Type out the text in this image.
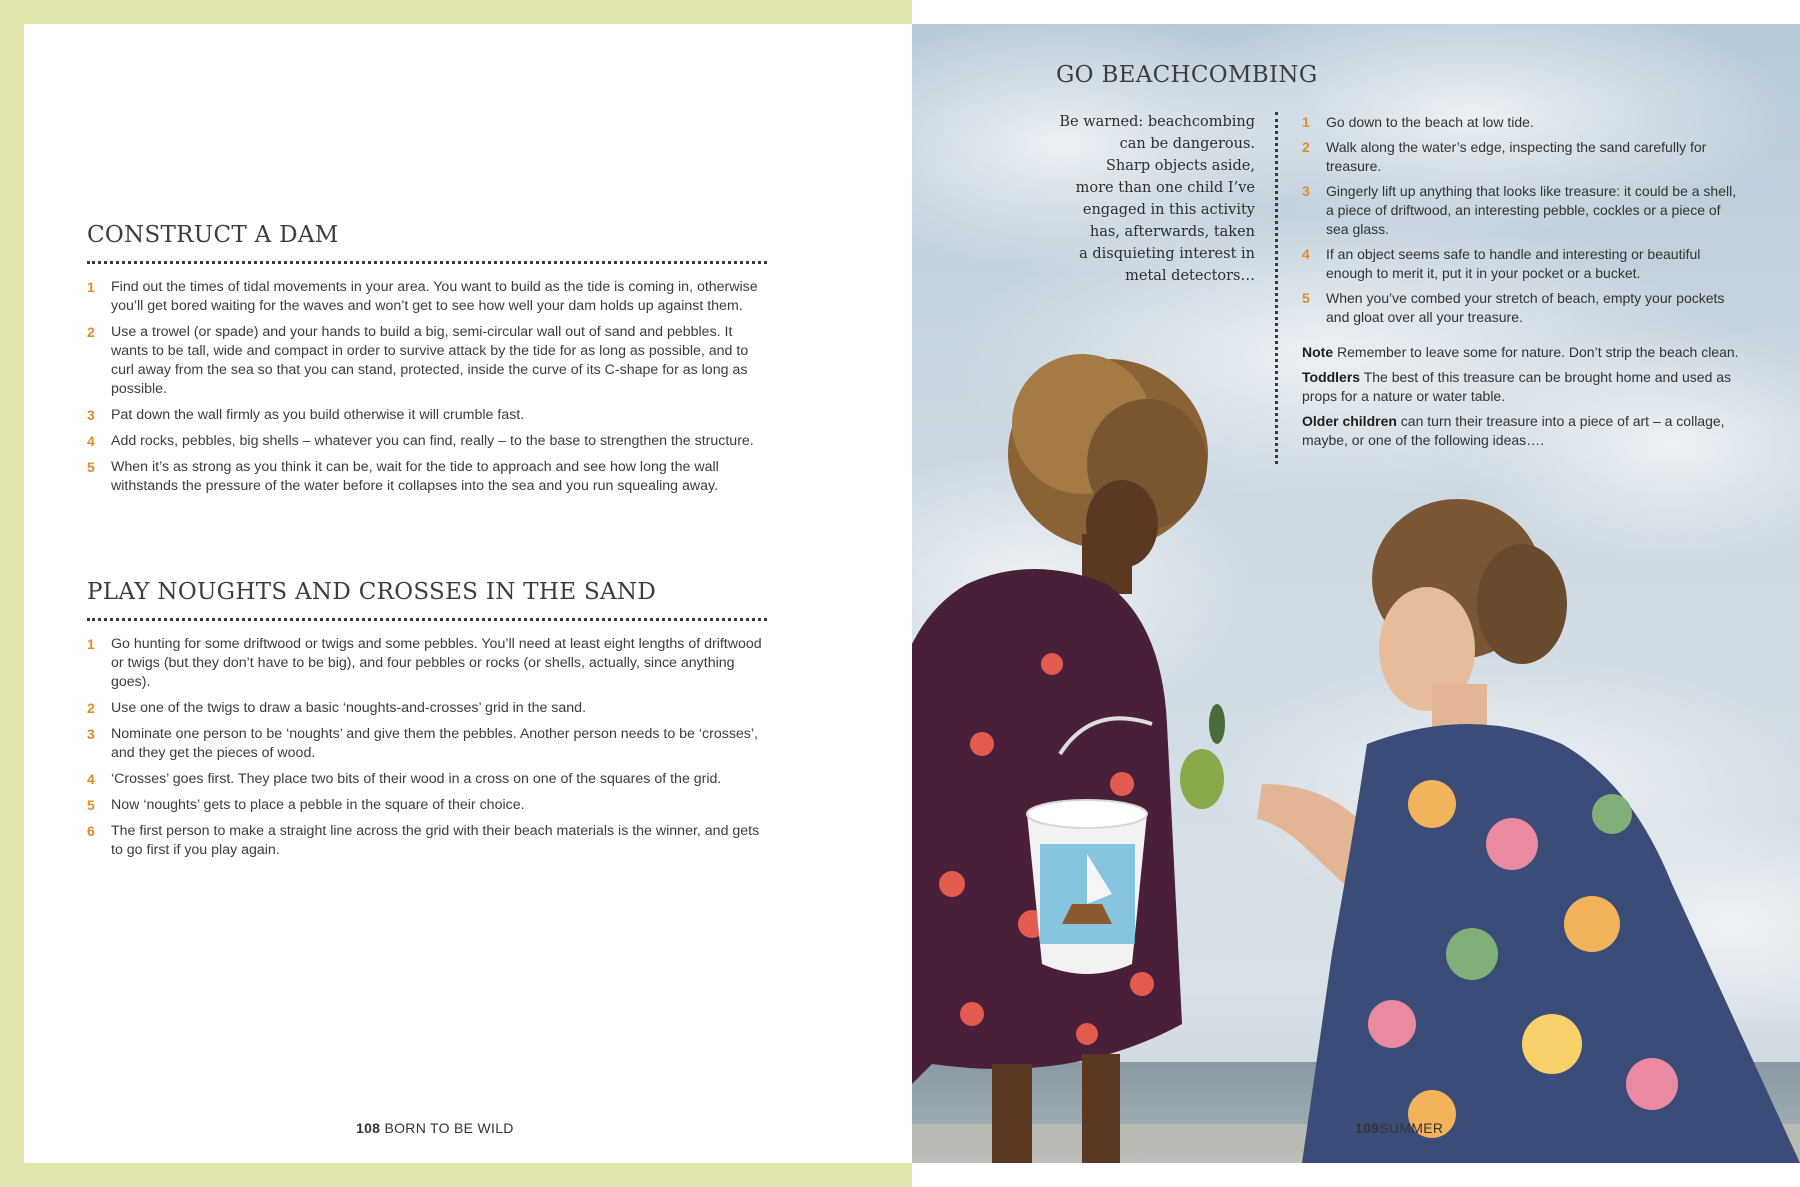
CONSTRUCT A DAM
1 Find out the times of tidal movements in your area. You want to build as the tide is coming in, otherwise you’ll get bored waiting for the waves and won’t get to see how well your dam holds up against them.
2 Use a trowel (or spade) and your hands to build a big, semi-circular wall out of sand and pebbles. It wants to be tall, wide and compact in order to survive attack by the tide for as long as possible, and to curl away from the sea so that you can stand, protected, inside the curve of its C-shape for as long as possible.
3 Pat down the wall firmly as you build otherwise it will crumble fast.
4 Add rocks, pebbles, big shells – whatever you can find, really – to the base to strengthen the structure.
5 When it’s as strong as you think it can be, wait for the tide to approach and see how long the wall withstands the pressure of the water before it collapses into the sea and you run squealing away.
PLAY NOUGHTS AND CROSSES IN THE SAND
1 Go hunting for some driftwood or twigs and some pebbles. You’ll need at least eight lengths of driftwood or twigs (but they don’t have to be big), and four pebbles or rocks (or shells, actually, since anything goes).
2 Use one of the twigs to draw a basic ‘noughts-and-crosses’ grid in the sand.
3 Nominate one person to be ‘noughts’ and give them the pebbles. Another person needs to be ‘crosses’, and they get the pieces of wood.
4 ‘Crosses’ goes first. They place two bits of their wood in a cross on one of the squares of the grid.
5 Now ‘noughts’ gets to place a pebble in the square of their choice.
6 The first person to make a straight line across the grid with their beach materials is the winner, and gets to go first if you play again.
108 BORN TO BE WILD
GO BEACHCOMBING
Be warned: beachcombing
can be dangerous.
Sharp objects aside,
more than one child I’ve
engaged in this activity
has, afterwards, taken
a disquieting interest in
metal detectors…
1 Go down to the beach at low tide.
2 Walk along the water’s edge, inspecting the sand carefully for treasure.
3 Gingerly lift up anything that looks like treasure: it could be a shell, a piece of driftwood, an interesting pebble, cockles or a piece of sea glass.
4 If an object seems safe to handle and interesting or beautiful enough to merit it, put it in your pocket or a bucket.
5 When you’ve combed your stretch of beach, empty your pockets and gloat over all your treasure.

Note Remember to leave some for nature. Don’t strip the beach clean.

Toddlers The best of this treasure can be brought home and used as props for a nature or water table.

Older children can turn their treasure into a piece of art – a collage, maybe, or one of the following ideas….

109SUMMER
